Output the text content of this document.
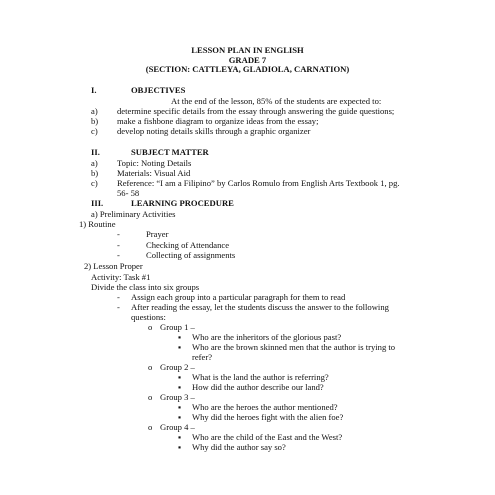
LESSON PLAN IN ENGLISH
GRADE 7
(SECTION: CATTLEYA, GLADIOLA, CARNATION)
I.	OBJECTIVES
At the end of the lesson, 85% of the students are expected to:
a) determine specific details from the essay through answering the guide questions;
b) make a fishbone diagram to organize ideas from the essay;
c) develop noting details skills through a graphic organizer
II.	SUBJECT MATTER
a) Topic: Noting Details
b) Materials: Visual Aid
c) Reference: “I am a Filipino” by Carlos Romulo from English Arts Textbook 1, pg.
56- 58
III.	LEARNING PROCEDURE
a) Preliminary Activities
1) Routine
-	Prayer
-	Checking of Attendance
-	Collecting of assignments
2) Lesson Proper
Activity: Task #1
Divide the class into six groups
- Assign each group into a particular paragraph for them to read
- After reading the essay, let the students discuss the answer to the following
questions:
o Group 1 –
▪ Who are the inheritors of the glorious past?
▪ Who are the brown skinned men that the author is trying to
refer?
o Group 2 –
▪ What is the land the author is referring?
▪ How did the author describe our land?
o Group 3 –
▪ Who are the heroes the author mentioned?
▪ Why did the heroes fight with the alien foe?
o Group 4 –
▪ Who are the child of the East and the West?
▪ Why did the author say so?
